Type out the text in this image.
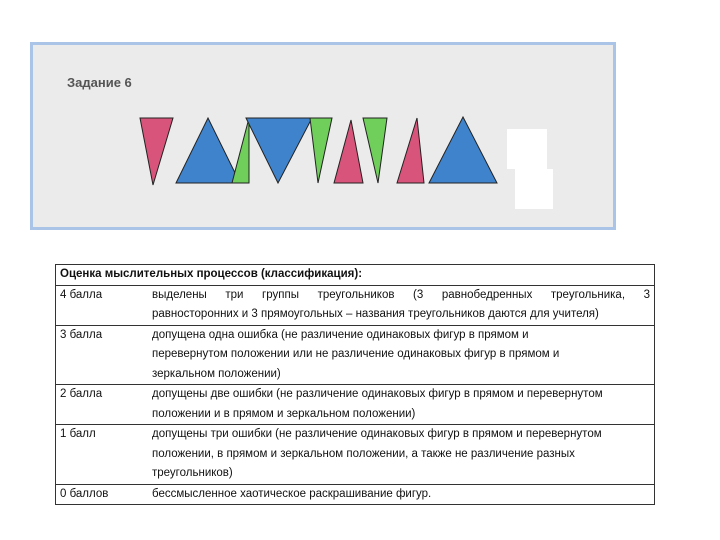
Задание 6
Оценка мыслительных процессов (классификация):	
4 балла	выделены три группы треугольников (3 равнобедренных треугольника, 3
равносторонних и 3 прямоугольных – названия треугольников даются для учителя)

3 балла	допущена одна ошибка (не различение одинаковых фигур в прямом и
перевернутом положении или не различение одинаковых фигур в прямом и
зеркальном положении)

2 балла	допущены две ошибки (не различение одинаковых фигур в прямом и перевернутом
положении и в прямом и зеркальном положении)

1 балл	допущены три ошибки (не различение одинаковых фигур в прямом и перевернутом
положении, в прямом и зеркальном положении, а также не различение разных
треугольников)

0 баллов	бессмысленное хаотическое раскрашивание фигур.
